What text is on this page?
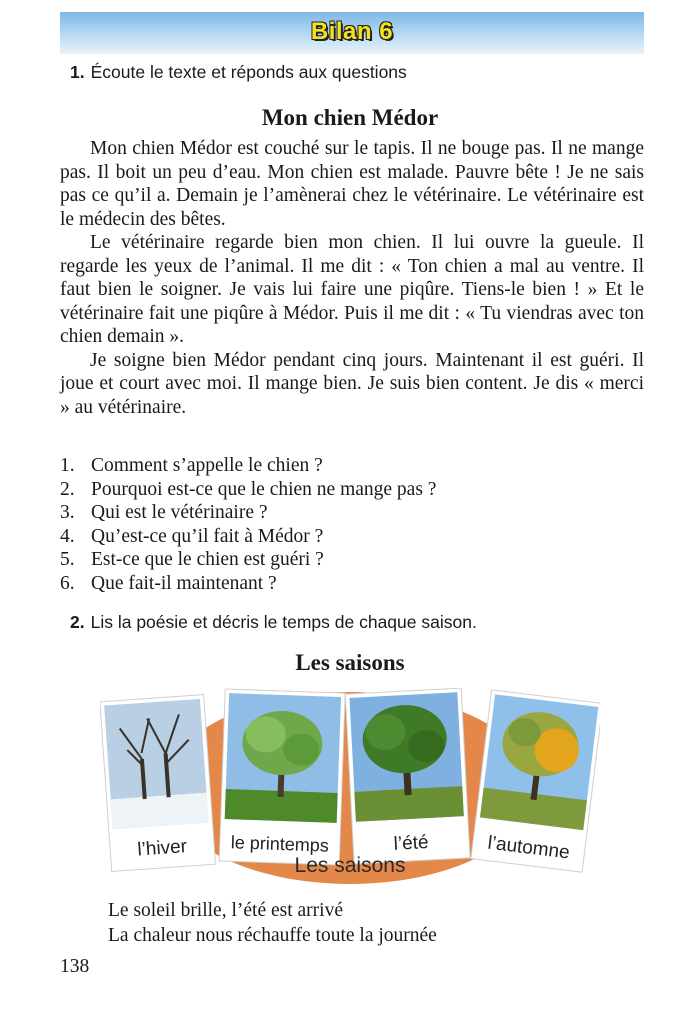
Bilan 6
1. Écoute le texte et réponds aux questions
Mon chien Médor

Mon chien Médor est couché sur le tapis. Il ne bouge pas. Il ne mange pas. Il boit un peu d’eau. Mon chien est malade. Pauvre bête ! Je ne sais pas ce qu’il a. Demain je l’amènerai chez le vétérinaire. Le vétérinaire est le médecin des bêtes.

Le vétérinaire regarde bien mon chien. Il lui ouvre la gueule. Il regarde les yeux de l’animal. Il me dit : « Ton chien a mal au ventre. Il faut bien le soigner. Je vais lui faire une piqûre. Tiens-le bien ! » Et le vétérinaire fait une piqûre à Médor. Puis il me dit : « Tu viendras avec ton chien demain ».

Je soigne bien Médor pendant cinq jours. Maintenant il est guéri. Il joue et court avec moi. Il mange bien. Je suis bien content. Je dis « merci » au vétérinaire.

1. Comment s’appelle le chien ?
2. Pourquoi est-ce que le chien ne mange pas ?
3. Qui est le vétérinaire ?
4. Qu’est-ce qu’il fait à Médor ?
5. Est-ce que le chien est guéri ?
6. Que fait-il maintenant ?
2. Lis la poésie et décris le temps de chaque saison.
Les saisons
l’hiver le printemps	l’été	l’automne
Les saisons
Le soleil brille, l’été est arrivé
La chaleur nous réchauffe toute la journée
138
